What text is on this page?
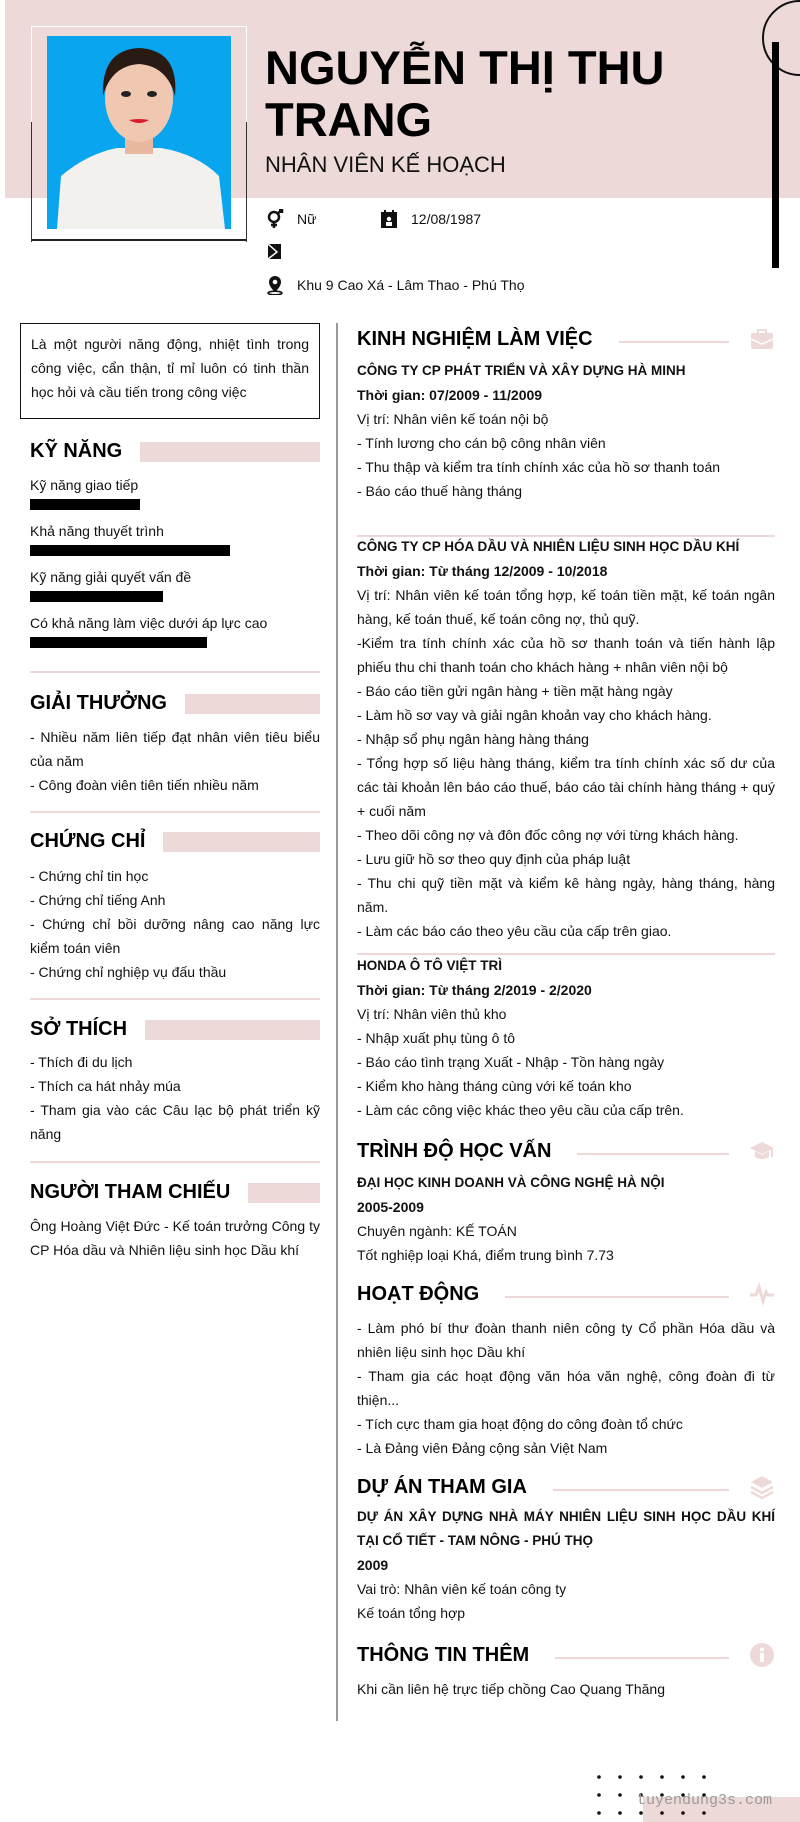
NGUYỄN THỊ THU TRANG
NHÂN VIÊN KẾ HOẠCH
Nữ	12/08/1987
Khu 9 Cao Xá - Lâm Thao - Phú Thọ
Là một người năng động, nhiệt tình trong công việc, cẩn thận, tỉ mỉ luôn có tinh thần học hỏi và cầu tiến trong công việc
KỸ NĂNG
Kỹ năng giao tiếp
Khả năng thuyết trình
Kỹ năng giải quyết vấn đề
Có khả năng làm việc dưới áp lực cao
GIẢI THƯỞNG
- Nhiều năm liên tiếp đạt nhân viên tiêu biểu của năm
- Công đoàn viên tiên tiến nhiều năm
CHỨNG CHỈ
- Chứng chỉ tin học
- Chứng chỉ tiếng Anh
- Chứng chỉ bồi dưỡng nâng cao năng lực kiểm toán viên
- Chứng chỉ nghiệp vụ đấu thầu
SỞ THÍCH
- Thích đi du lịch
- Thích ca hát nhảy múa
- Tham gia vào các Câu lạc bộ phát triển kỹ năng
NGƯỜI THAM CHIẾU
Ông Hoàng Việt Đức - Kế toán trưởng Công ty CP Hóa dầu và Nhiên liệu sinh học Dầu khí
KINH NGHIỆM LÀM VIỆC
CÔNG TY CP PHÁT TRIỂN VÀ XÂY DỰNG HÀ MINH
Thời gian: 07/2009 - 11/2009
Vị trí: Nhân viên kế toán nội bộ
- Tính lương cho cán bộ công nhân viên
- Thu thập và kiểm tra tính chính xác của hồ sơ thanh toán
- Báo cáo thuế hàng tháng
CÔNG TY CP HÓA DẦU VÀ NHIÊN LIỆU SINH HỌC DẦU KHÍ
Thời gian: Từ tháng 12/2009 - 10/2018
Vị trí: Nhân viên kế toán tổng hợp, kế toán tiền mặt, kế toán ngân hàng, kế toán thuế, kế toán công nợ, thủ quỹ.
-Kiểm tra tính chính xác của hồ sơ thanh toán và tiến hành lập phiếu thu chi thanh toán cho khách hàng + nhân viên nội bộ
- Báo cáo tiền gửi ngân hàng + tiền mặt hàng ngày
- Làm hồ sơ vay và giải ngân khoản vay cho khách hàng.
- Nhập sổ phụ ngân hàng hàng tháng
- Tổng hợp số liệu hàng tháng, kiểm tra tính chính xác số dư của các tài khoản lên báo cáo thuế, báo cáo tài chính hàng tháng + quý + cuối năm
- Theo dõi công nợ và đôn đốc công nợ với từng khách hàng.
- Lưu giữ hồ sơ theo quy định của pháp luật
- Thu chi quỹ tiền mặt và kiểm kê hàng ngày, hàng tháng, hàng năm.
- Làm các báo cáo theo yêu cầu của cấp trên giao.
HONDA Ô TÔ VIỆT TRÌ
Thời gian: Từ tháng 2/2019 - 2/2020
Vị trí: Nhân viên thủ kho
- Nhập xuất phụ tùng ô tô
- Báo cáo tình trạng Xuất - Nhập - Tồn hàng ngày
- Kiểm kho hàng tháng cùng với kế toán kho
- Làm các công việc khác theo yêu cầu của cấp trên.
TRÌNH ĐỘ HỌC VẤN
ĐẠI HỌC KINH DOANH VÀ CÔNG NGHỆ HÀ NỘI
2005-2009
Chuyên ngành: KẾ TOÁN
Tốt nghiệp loại Khá, điểm trung bình 7.73
HOẠT ĐỘNG
- Làm phó bí thư đoàn thanh niên công ty Cổ phần Hóa dầu và nhiên liệu sinh học Dầu khí
- Tham gia các hoạt động văn hóa văn nghệ, công đoàn đi từ thiện...
- Tích cực tham gia hoạt động do công đoàn tổ chức
- Là Đảng viên Đảng cộng sản Việt Nam
DỰ ÁN THAM GIA
DỰ ÁN XÂY DỰNG NHÀ MÁY NHIÊN LIỆU SINH HỌC DẦU KHÍ TẠI CỔ TIẾT - TAM NÔNG - PHÚ THỌ
2009
Vai trò: Nhân viên kế toán công ty
Kế toán tổng hợp
THÔNG TIN THÊM
Khi cần liên hệ trực tiếp chồng Cao Quang Thăng
tuyendung3s.com
